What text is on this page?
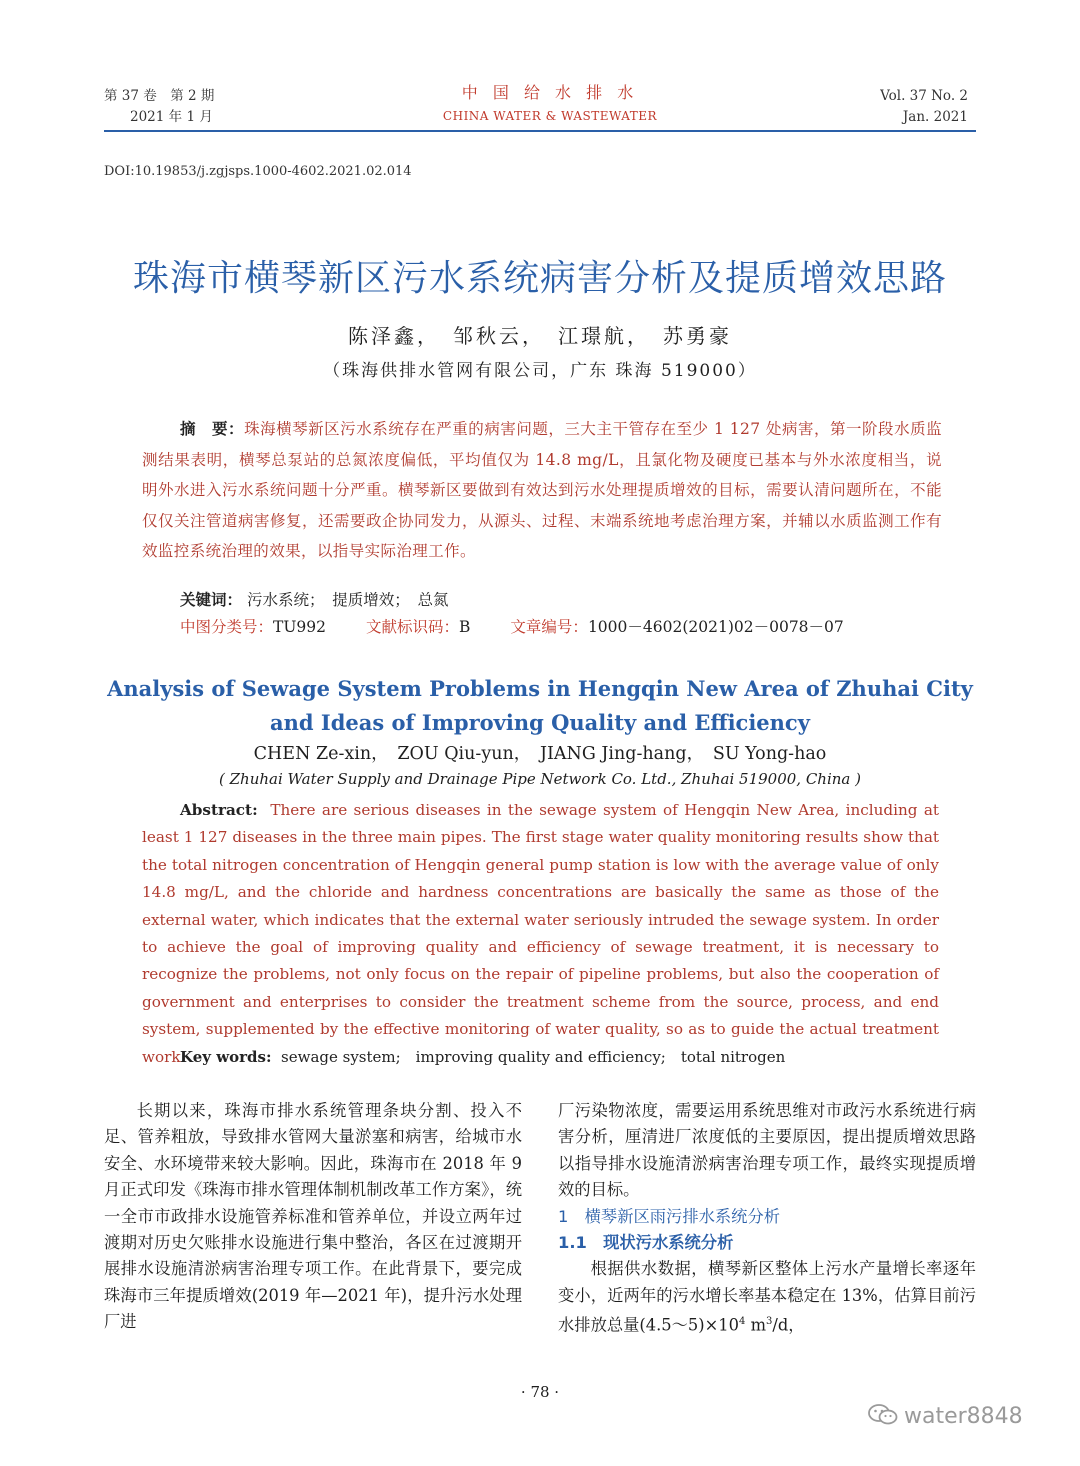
第 37 卷　第 2 期
2021 年 1 月
中 国 给 水 排 水
CHINA WATER & WASTEWATER
Vol. 37 No. 2
Jan. 2021
DOI:10.19853/j.zgjsps.1000-4602.2021.02.014
珠海市横琴新区污水系统病害分析及提质增效思路
陈泽鑫，　邹秋云，　江璟航，　苏勇豪
（珠海供排水管网有限公司，广东 珠海 519000）
摘　要：珠海横琴新区污水系统存在严重的病害问题，三大主干管存在至少 1 127 处病害，第一阶段水质监测结果表明，横琴总泵站的总氮浓度偏低，平均值仅为 14.8 mg/L，且氯化物及硬度已基本与外水浓度相当，说明外水进入污水系统问题十分严重。横琴新区要做到有效达到污水处理提质增效的目标，需要认清问题所在，不能仅仅关注管道病害修复，还需要政企协同发力，从源头、过程、末端系统地考虑治理方案，并辅以水质监测工作有效监控系统治理的效果，以指导实际治理工作。
关键词： 污水系统；　提质增效；　总氮
中图分类号：TU992	文献标识码：B	文章编号：1000－4602(2021)02－0078－07
Analysis of Sewage System Problems in Hengqin New Area of Zhuhai City and Ideas of Improving Quality and Efficiency
CHEN Ze-xin，　ZOU Qiu-yun，　JIANG Jing-hang，　SU Yong-hao
( Zhuhai Water Supply and Drainage Pipe Network Co. Ltd., Zhuhai 519000, China )
Abstract: There are serious diseases in the sewage system of Hengqin New Area, including at least 1 127 diseases in the three main pipes. The first stage water quality monitoring results show that the total nitrogen concentration of Hengqin general pump station is low with the average value of only 14.8 mg/L, and the chloride and hardness concentrations are basically the same as those of the external water, which indicates that the external water seriously intruded the sewage system. In order to achieve the goal of improving quality and efficiency of sewage treatment, it is necessary to recognize the problems, not only focus on the repair of pipeline problems, but also the cooperation of government and enterprises to consider the treatment scheme from the source, process, and end system, supplemented by the effective monitoring of water quality, so as to guide the actual treatment work.
Key words: sewage system;　improving quality and efficiency;　total nitrogen
长期以来，珠海市排水系统管理条块分割、投入不足、管养粗放，导致排水管网大量淤塞和病害，给城市水安全、水环境带来较大影响。因此，珠海市在 2018 年 9 月正式印发《珠海市排水管理体制机制改革工作方案》，统一全市市政排水设施管养标准和管养单位，并设立两年过渡期对历史欠账排水设施进行集中整治，各区在过渡期开展排水设施清淤病害治理专项工作。在此背景下，要完成珠海市三年提质增效(2019 年—2021 年)，提升污水处理厂进
厂污染物浓度，需要运用系统思维对市政污水系统进行病害分析，厘清进厂浓度低的主要原因，提出提质增效思路以指导排水设施清淤病害治理专项工作，最终实现提质增效的目标。
1　横琴新区雨污排水系统分析
1.1　现状污水系统分析
根据供水数据，横琴新区整体上污水产量增长率逐年变小，近两年的污水增长率基本稳定在 13%，估算目前污水排放总量$(4.5\sim 5)\times 10^4$ $m^3/d$，
· 78 ·
water8848
